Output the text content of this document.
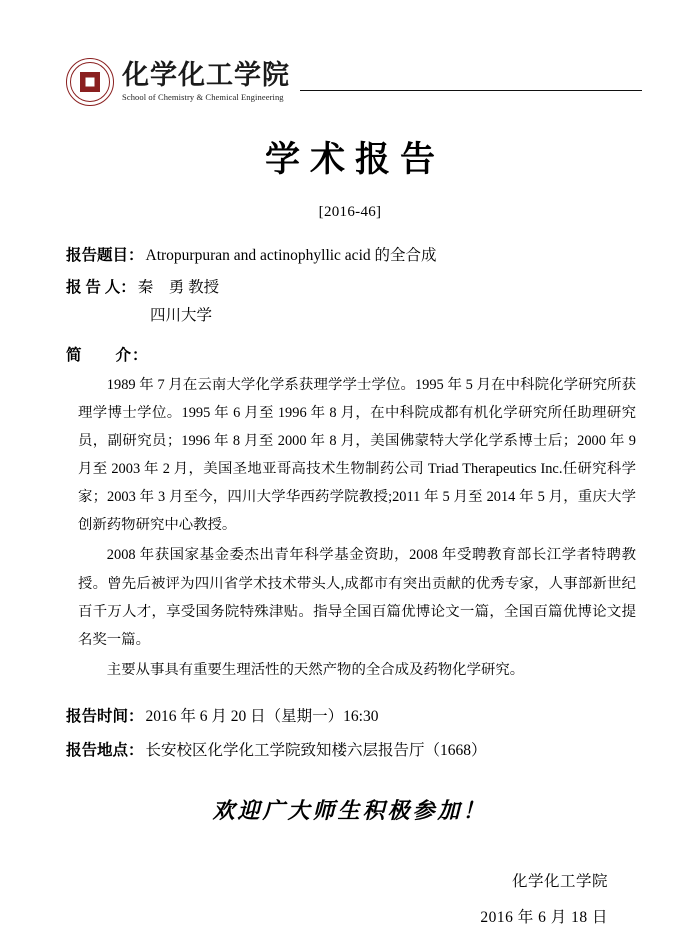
化学化工学院
School of Chemistry & Chemical Engineering
学术报告
[2016-46]
报告题目： Atropurpuran and actinophyllic acid 的全合成
报 告 人： 秦　勇 教授
四川大学
简　　介：

1989 年 7 月在云南大学化学系获理学学士学位。1995 年 5 月在中科院化学研究所获理学博士学位。1995 年 6 月至 1996 年 8 月，在中科院成都有机化学研究所任助理研究员，副研究员；1996 年 8 月至 2000 年 8 月，美国佛蒙特大学化学系博士后；2000 年 9 月至 2003 年 2 月，美国圣地亚哥高技术生物制药公司 Triad Therapeutics Inc.任研究科学家；2003 年 3 月至今，四川大学华西药学院教授;2011 年 5 月至 2014 年 5 月，重庆大学创新药物研究中心教授。

2008 年获国家基金委杰出青年科学基金资助，2008 年受聘教育部长江学者特聘教授。曾先后被评为四川省学术技术带头人,成都市有突出贡献的优秀专家，人事部新世纪百千万人才，享受国务院特殊津贴。指导全国百篇优博论文一篇，全国百篇优博论文提名奖一篇。

主要从事具有重要生理活性的天然产物的全合成及药物化学研究。

报告时间： 2016 年 6 月 20 日（星期一）16:30
报告地点： 长安校区化学化工学院致知楼六层报告厅（1668）
欢迎广大师生积极参加！
化学化工学院
2016 年 6 月 18 日
